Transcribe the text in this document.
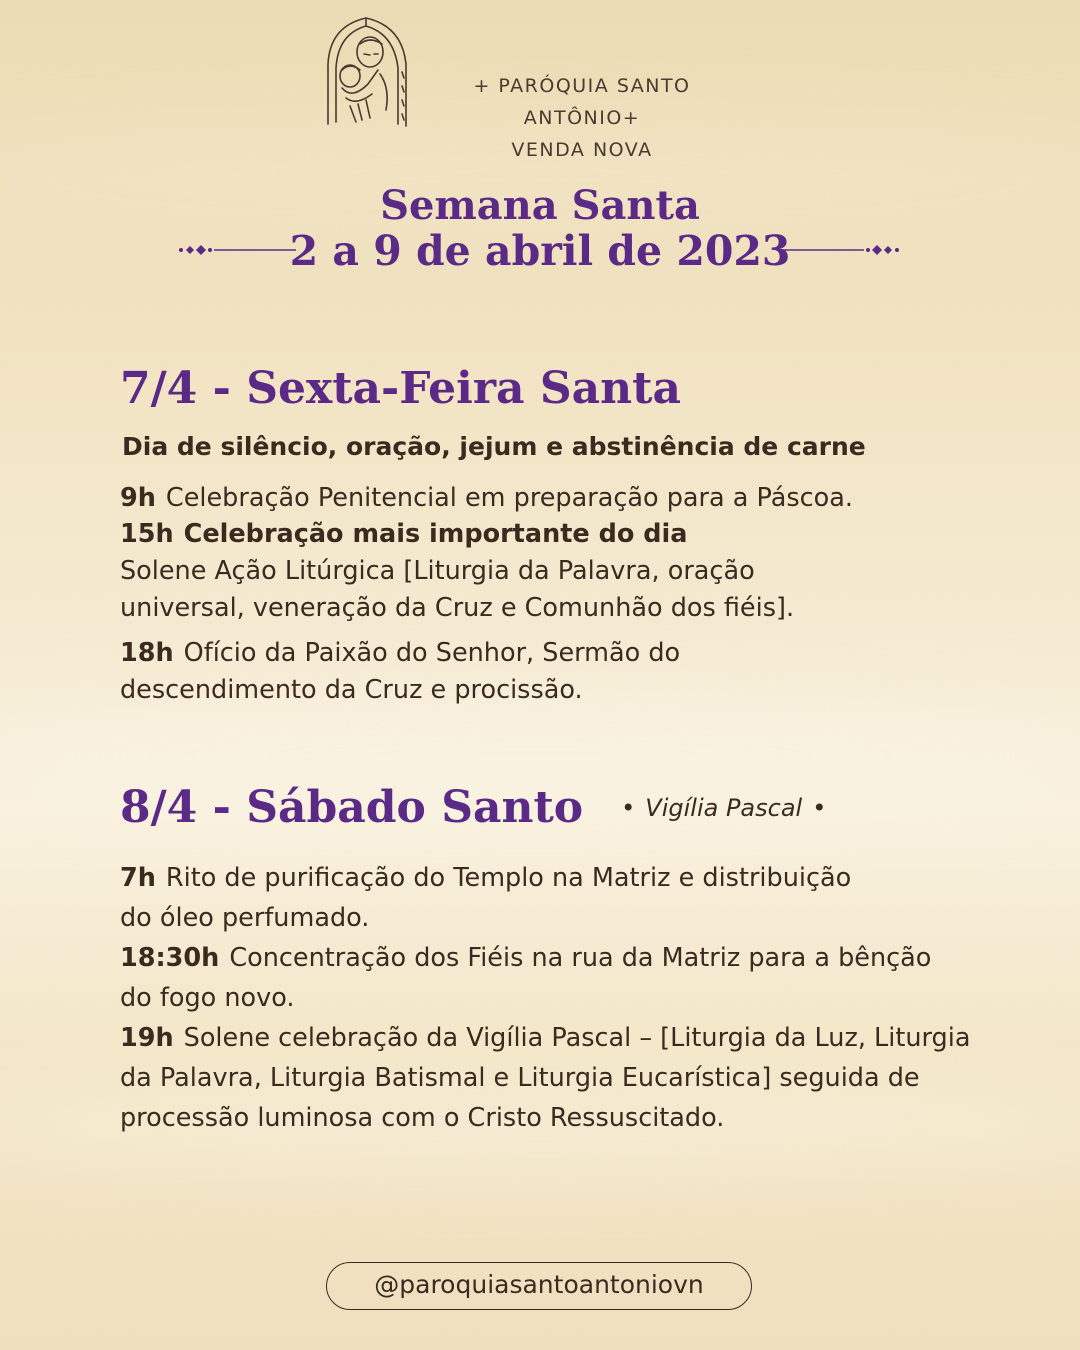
+ PARÓQUIA SANTO ANTÔNIO+
VENDA NOVA
Semana Santa
2 a 9 de abril de 2023
7/4 - Sexta-Feira Santa
Dia de silêncio, oração, jejum e abstinência de carne
9h Celebração Penitencial em preparação para a Páscoa.
15h Celebração mais importante do dia
Solene Ação Litúrgica [Liturgia da Palavra, oração
universal, veneração da Cruz e Comunhão dos fiéis].
18h Ofício da Paixão do Senhor, Sermão do
descendimento da Cruz e procissão.
8/4 - Sábado Santo • Vigília Pascal •
7h Rito de purificação do Templo na Matriz e distribuição
do óleo perfumado.
18:30h Concentração dos Fiéis na rua da Matriz para a bênção
do fogo novo.
19h Solene celebração da Vigília Pascal – [Liturgia da Luz, Liturgia
da Palavra, Liturgia Batismal e Liturgia Eucarística] seguida de
processão luminosa com o Cristo Ressuscitado.
@paroquiasantoantoniovn
